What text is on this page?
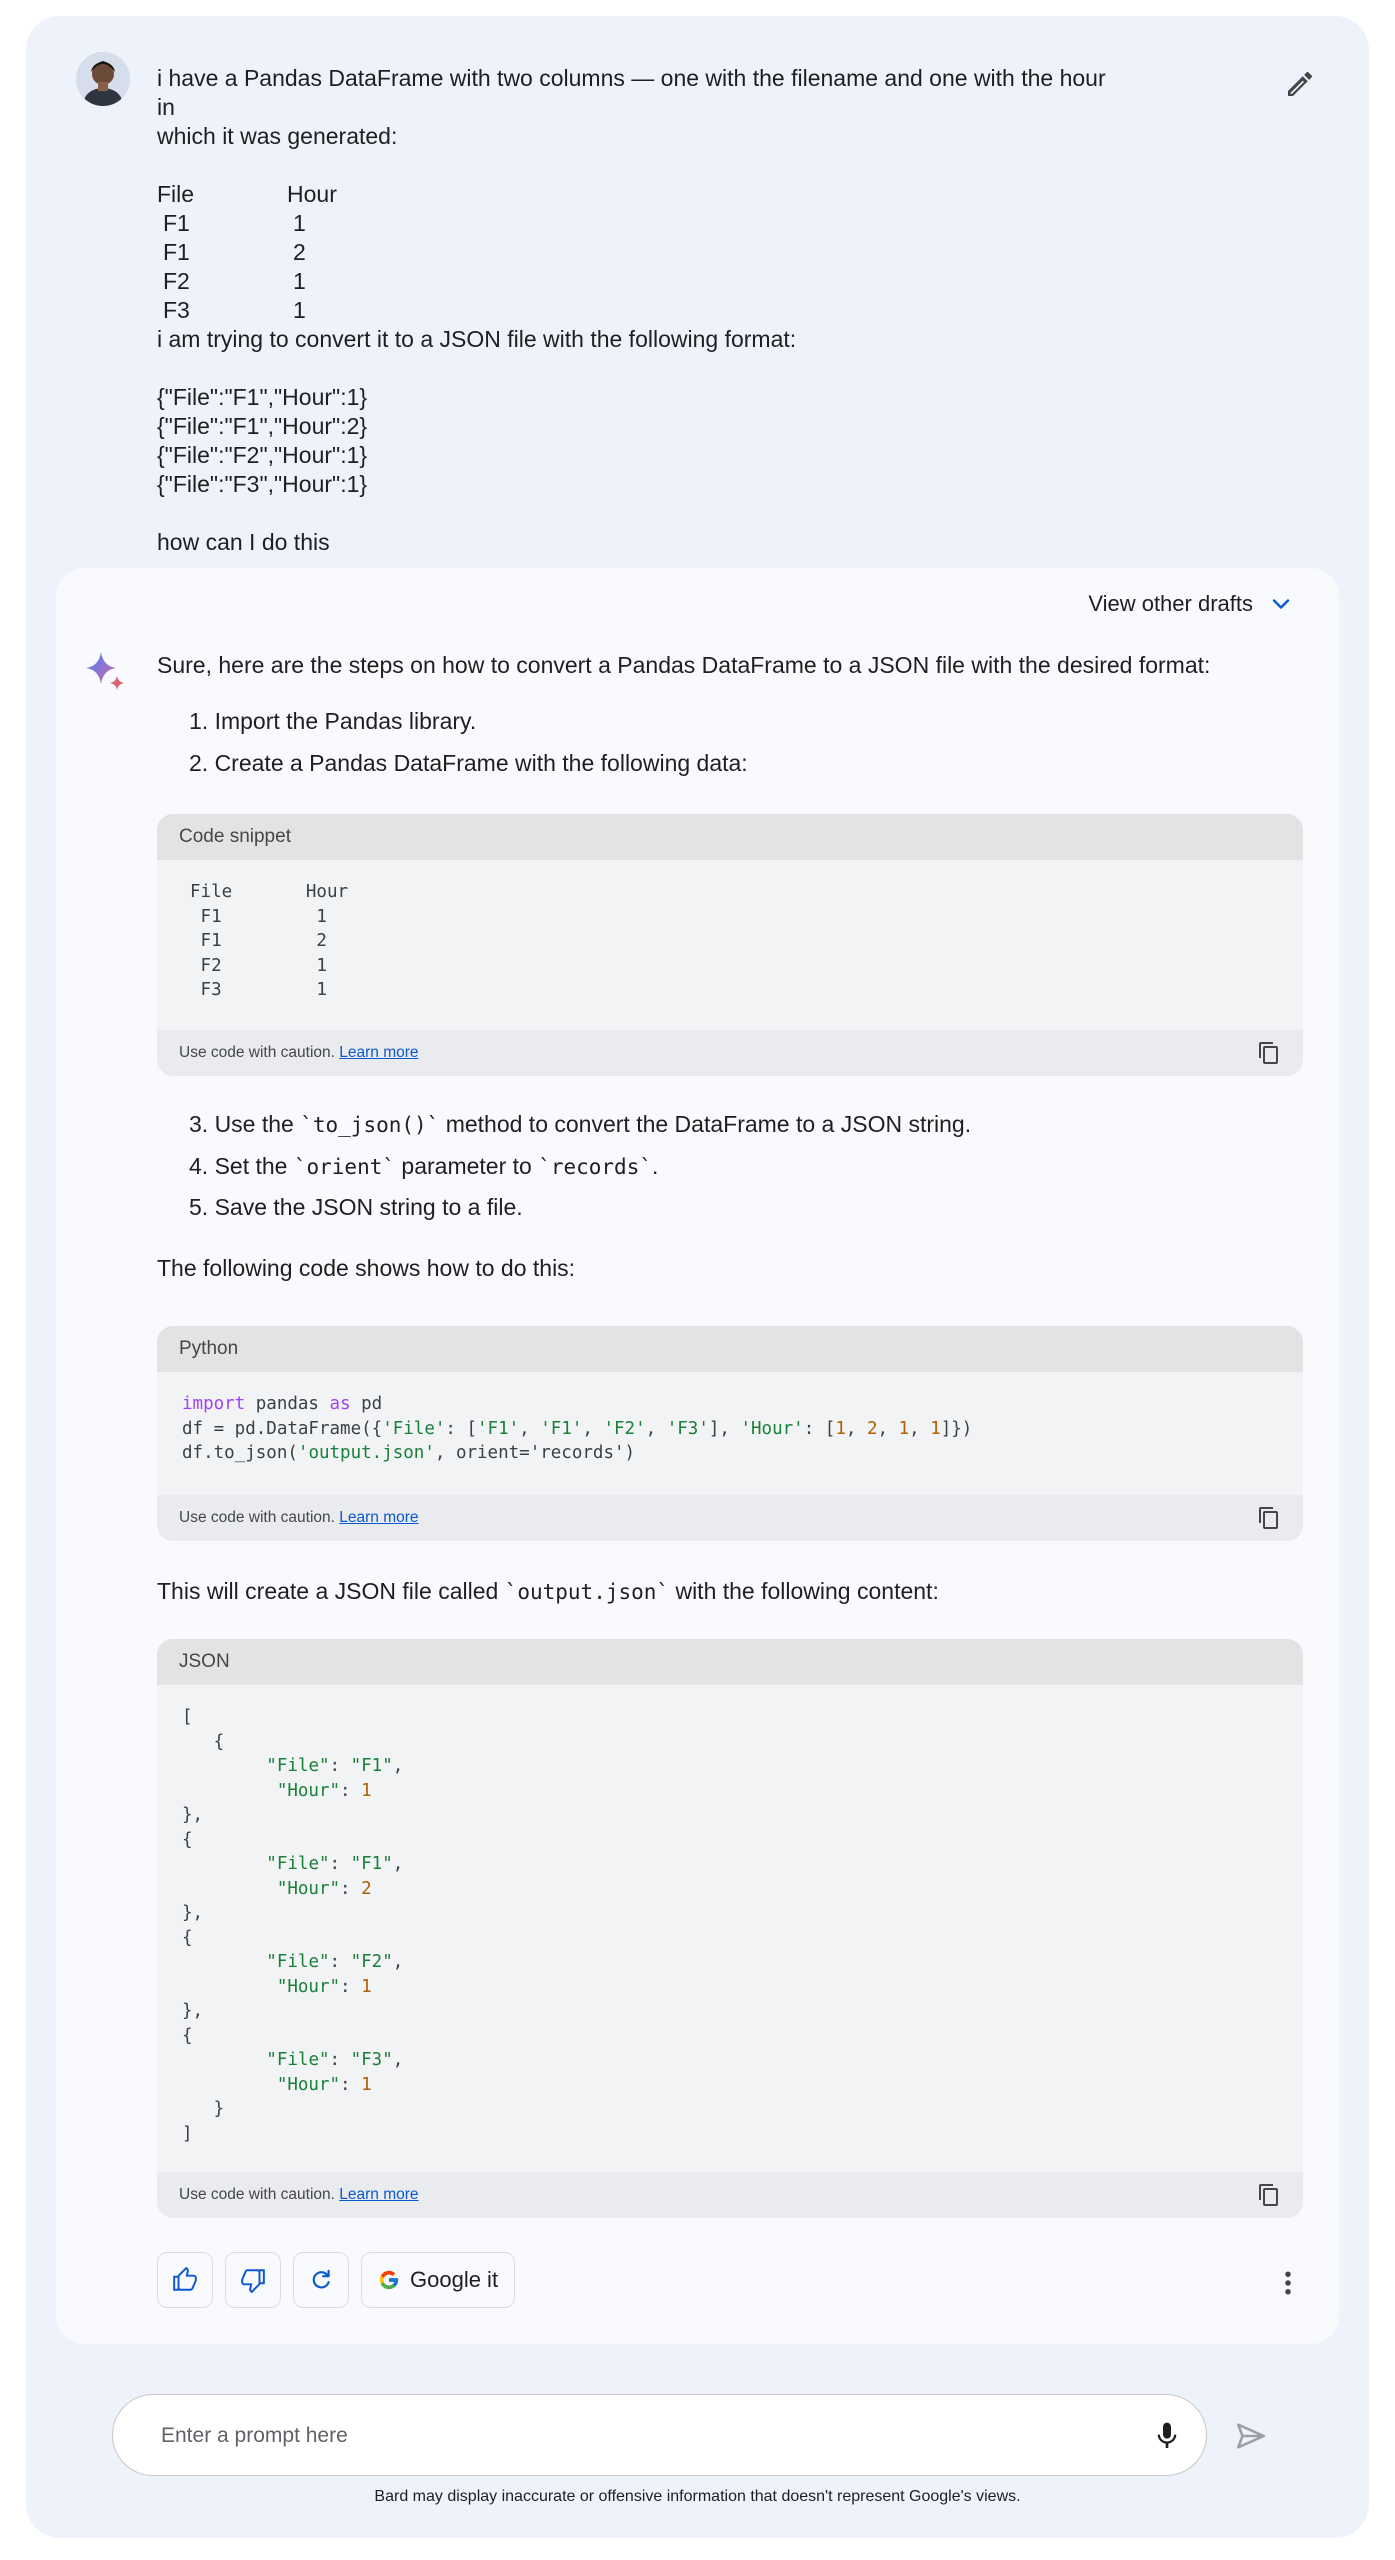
i have a Pandas DataFrame with two columns — one with the filename and one with the hour in
which it was generated:
File	Hour
F1	1
F1	2
F2	1
F3	1
i am trying to convert it to a JSON file with the following format:
{"File":"F1","Hour":1}
{"File":"F1","Hour":2}
{"File":"F2","Hour":1}
{"File":"F3","Hour":1}
how can I do this
View other drafts
Sure, here are the steps on how to convert a Pandas DataFrame to a JSON file with the desired format:
1. Import the Pandas library.
2. Create a Pandas DataFrame with the following data:
Code snippet
File       Hour
F1         1
F1         2
F2         1
F3         1
Use code with caution. Learn more
3. Use the `to_json()` method to convert the DataFrame to a JSON string.
4. Set the `orient` parameter to `records`.
5. Save the JSON string to a file.
The following code shows how to do this:
Python
import pandas as pd
df = pd.DataFrame({'File': ['F1', 'F1', 'F2', 'F3'], 'Hour': [1, 2, 1, 1]})
df.to_json('output.json', orient='records')
Use code with caution. Learn more
This will create a JSON file called `output.json` with the following content:
JSON
[
{
"File": "F1",
"Hour": 1
},
{
"File": "F1",
"Hour": 2
},
{
"File": "F2",
"Hour": 1
},
{
"File": "F3",
"Hour": 1
}
]
Use code with caution. Learn more
Google it
Enter a prompt here
Bard may display inaccurate or offensive information that doesn't represent Google's views.
